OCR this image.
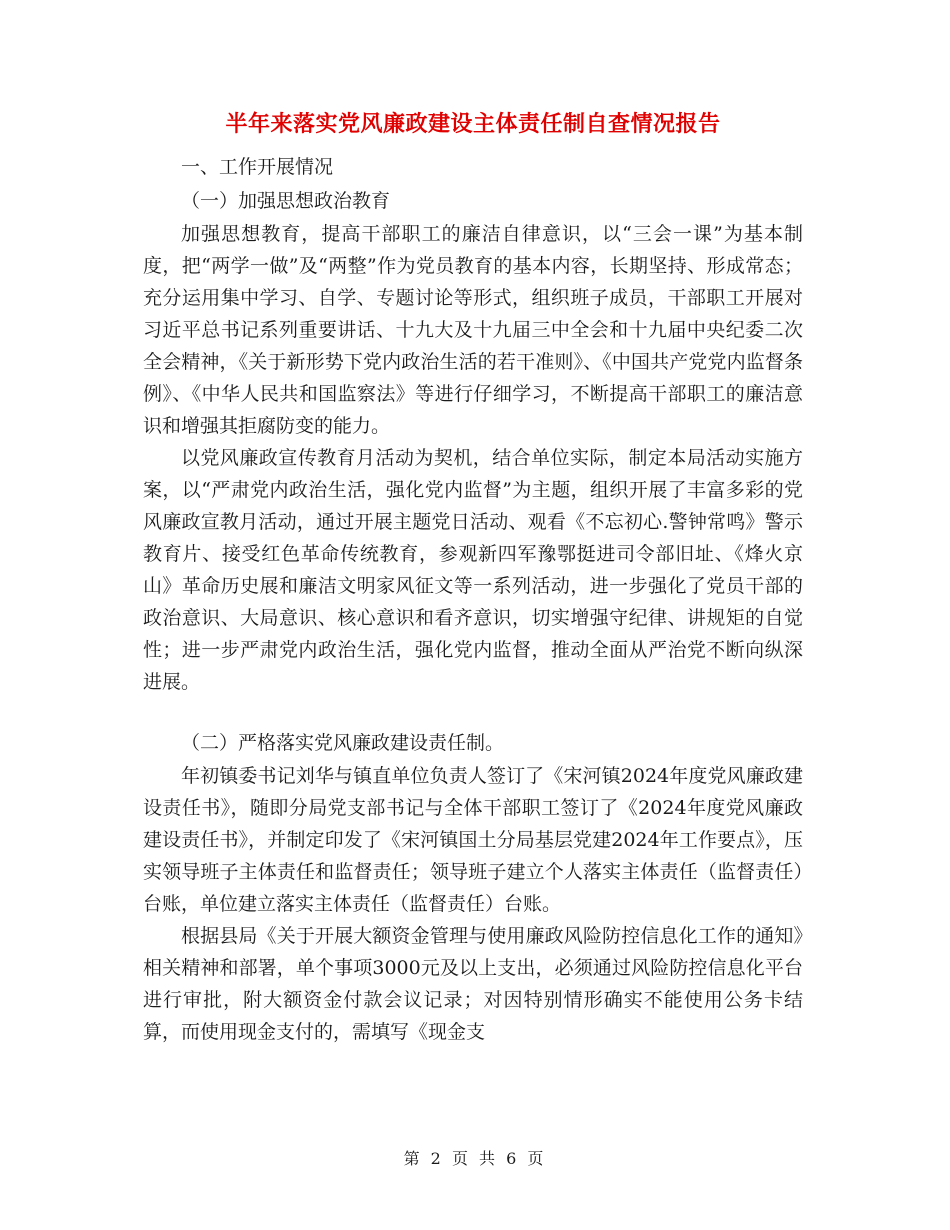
半年来落实党风廉政建设主体责任制自查情况报告

一、工作开展情况

（一）加强思想政治教育

加强思想教育，提高干部职工的廉洁自律意识，以“三会一课”为基本制度，把“两学一做”及“两整”作为党员教育的基本内容，长期坚持、形成常态；充分运用集中学习、自学、专题讨论等形式，组织班子成员，干部职工开展对习近平总书记系列重要讲话、十九大及十九届三中全会和十九届中央纪委二次全会精神，《关于新形势下党内政治生活的若干准则》、《中国共产党党内监督条例》、《中华人民共和国监察法》等进行仔细学习，不断提高干部职工的廉洁意识和增强其拒腐防变的能力。

以党风廉政宣传教育月活动为契机，结合单位实际，制定本局活动实施方案，以“严肃党内政治生活，强化党内监督”为主题，组织开展了丰富多彩的党风廉政宣教月活动，通过开展主题党日活动、观看《不忘初心.警钟常鸣》警示教育片、接受红色革命传统教育，参观新四军豫鄂挺进司令部旧址、《烽火京山》革命历史展和廉洁文明家风征文等一系列活动，进一步强化了党员干部的政治意识、大局意识、核心意识和看齐意识，切实增强守纪律、讲规矩的自觉性；进一步严肃党内政治生活，强化党内监督，推动全面从严治党不断向纵深进展。

（二）严格落实党风廉政建设责任制。

年初镇委书记刘华与镇直单位负责人签订了《宋河镇2024年度党风廉政建设责任书》，随即分局党支部书记与全体干部职工签订了《2024年度党风廉政建设责任书》，并制定印发了《宋河镇国土分局基层党建2024年工作要点》，压实领导班子主体责任和监督责任；领导班子建立个人落实主体责任（监督责任）台账，单位建立落实主体责任（监督责任）台账。

根据县局《关于开展大额资金管理与使用廉政风险防控信息化工作的通知》相关精神和部署，单个事项3000元及以上支出，必须通过风险防控信息化平台进行审批，附大额资金付款会议记录；对因特别情形确实不能使用公务卡结算，而使用现金支付的，需填写《现金支

第 2 页 共 6 页
